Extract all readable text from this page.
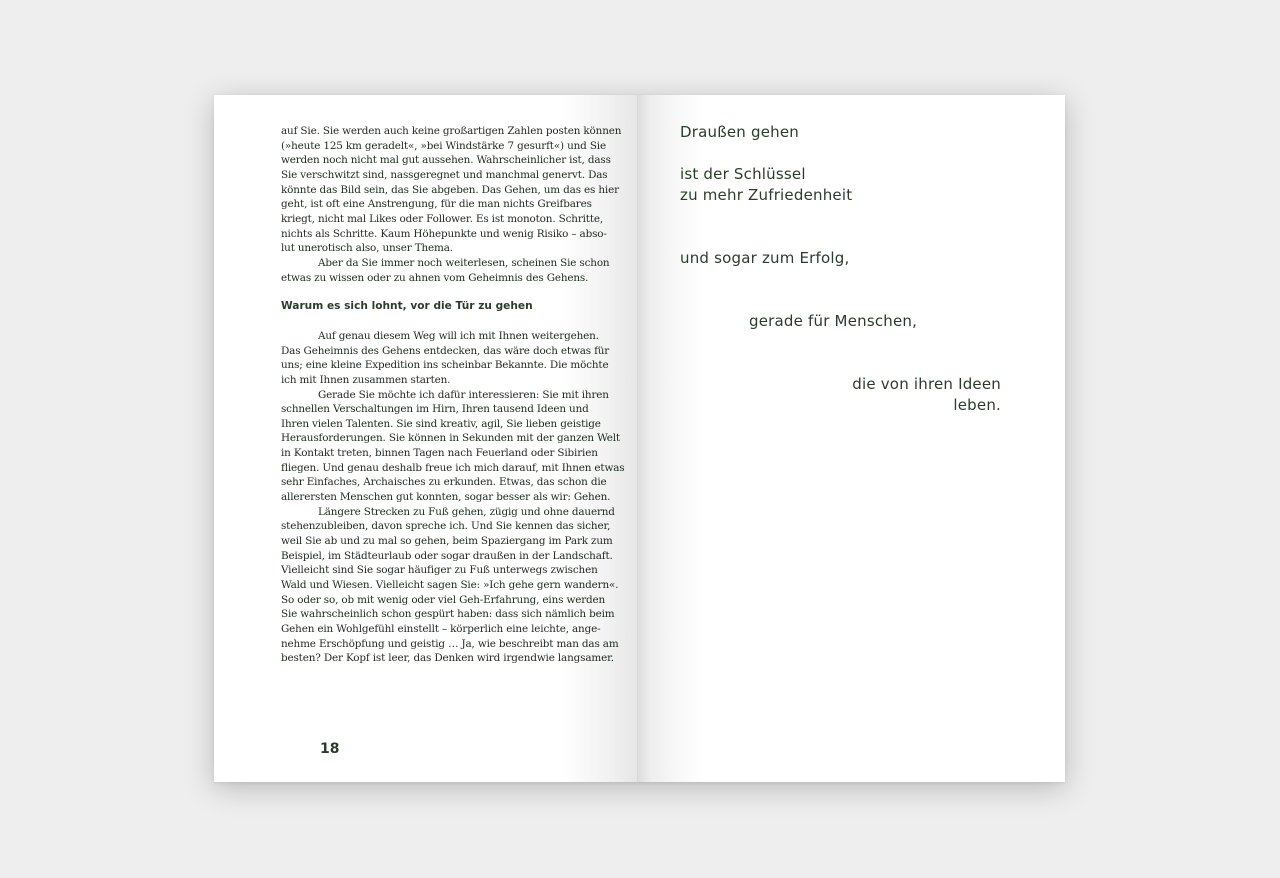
auf Sie. Sie werden auch keine großartigen Zahlen posten können

(»heute 125 km geradelt«, »bei Windstärke 7 gesurft«) und Sie

werden noch nicht mal gut aussehen. Wahrscheinlicher ist, dass

Sie verschwitzt sind, nassgeregnet und manchmal genervt. Das

könnte das Bild sein, das Sie abgeben. Das Gehen, um das es hier

geht, ist oft eine Anstrengung, für die man nichts Greifbares

kriegt, nicht mal Likes oder Follower. Es ist monoton. Schritte,

nichts als Schritte. Kaum Höhepunkte und wenig Risiko – abso-

lut unerotisch also, unser Thema.

Aber da Sie immer noch weiterlesen, scheinen Sie schon

etwas zu wissen oder zu ahnen vom Geheimnis des Gehens.

Warum es sich lohnt, vor die Tür zu gehen

Auf genau diesem Weg will ich mit Ihnen weitergehen.

Das Geheimnis des Gehens entdecken, das wäre doch etwas für

uns; eine kleine Expedition ins scheinbar Bekannte. Die möchte

ich mit Ihnen zusammen starten.

Gerade Sie möchte ich dafür interessieren: Sie mit ihren

schnellen Verschaltungen im Hirn, Ihren tausend Ideen und

Ihren vielen Talenten. Sie sind kreativ, agil, Sie lieben geistige

Herausforderungen. Sie können in Sekunden mit der ganzen Welt

in Kontakt treten, binnen Tagen nach Feuerland oder Sibirien

fliegen. Und genau deshalb freue ich mich darauf, mit Ihnen etwas

sehr Einfaches, Archaisches zu erkunden. Etwas, das schon die

allerersten Menschen gut konnten, sogar besser als wir: Gehen.

Längere Strecken zu Fuß gehen, zügig und ohne dauernd

stehenzubleiben, davon spreche ich. Und Sie kennen das sicher,

weil Sie ab und zu mal so gehen, beim Spaziergang im Park zum

Beispiel, im Städteurlaub oder sogar draußen in der Landschaft.

Vielleicht sind Sie sogar häufiger zu Fuß unterwegs zwischen

Wald und Wiesen. Vielleicht sagen Sie: »Ich gehe gern wandern«.

So oder so, ob mit wenig oder viel Geh-Erfahrung, eins werden

Sie wahrscheinlich schon gespürt haben: dass sich nämlich beim

Gehen ein Wohlgefühl einstellt – körperlich eine leichte, ange-

nehme Erschöpfung und geistig … Ja, wie beschreibt man das am

besten? Der Kopf ist leer, das Denken wird irgendwie langsamer.

18
Draußen gehen
ist der Schlüssel
zu mehr Zufriedenheit
und sogar zum Erfolg,
gerade für Menschen,
die von ihren Ideen
leben.
